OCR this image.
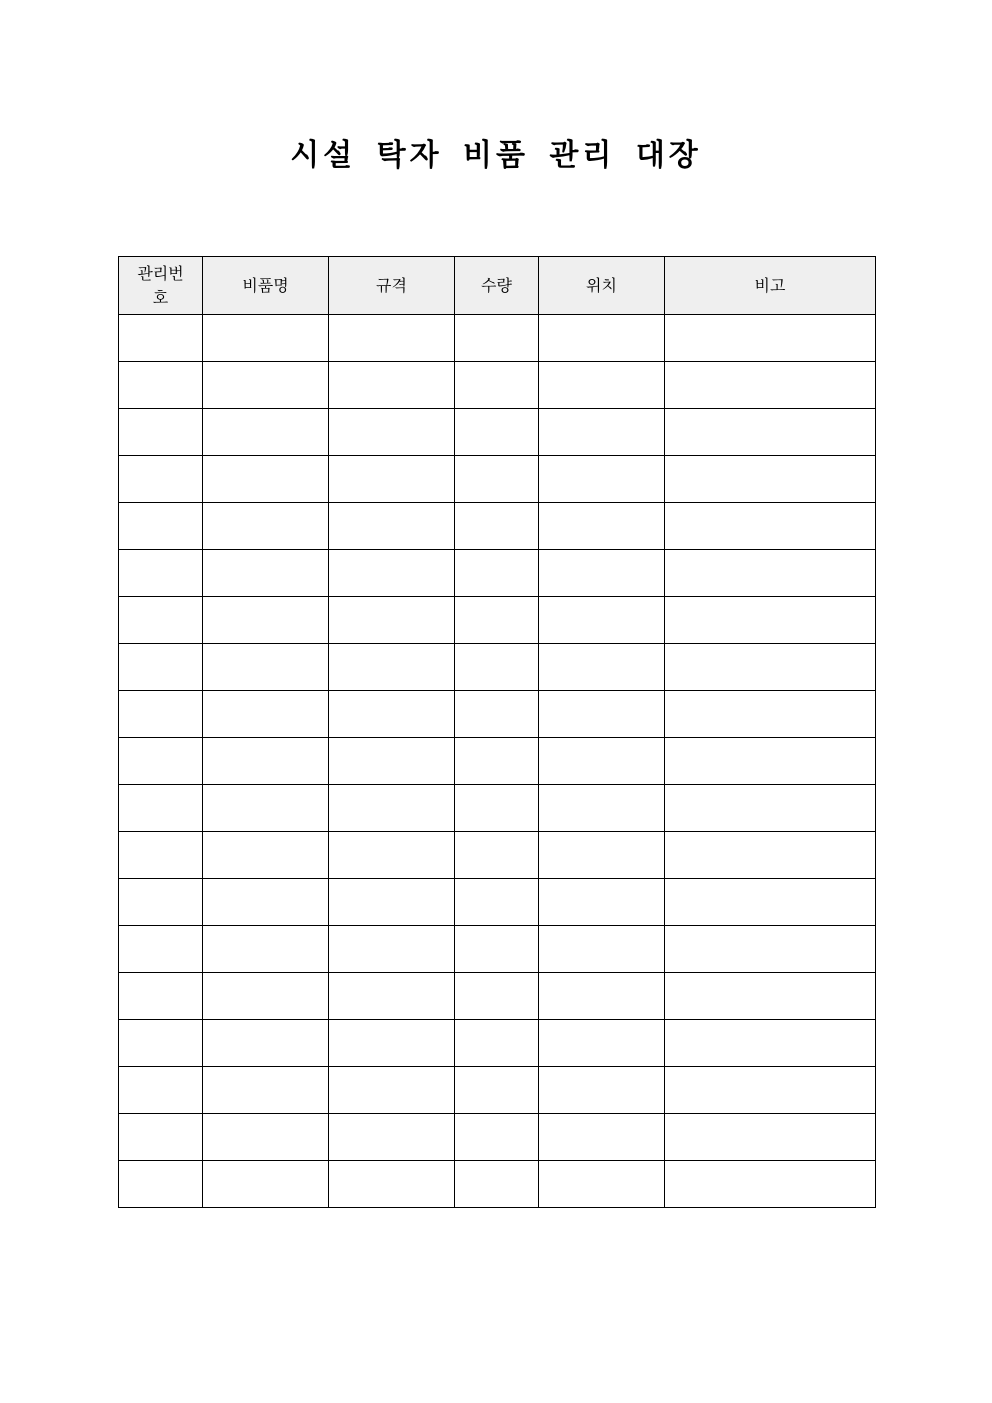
시설 탁자 비품 관리 대장
관리번호	비품명	규격	수량	위치	비고
